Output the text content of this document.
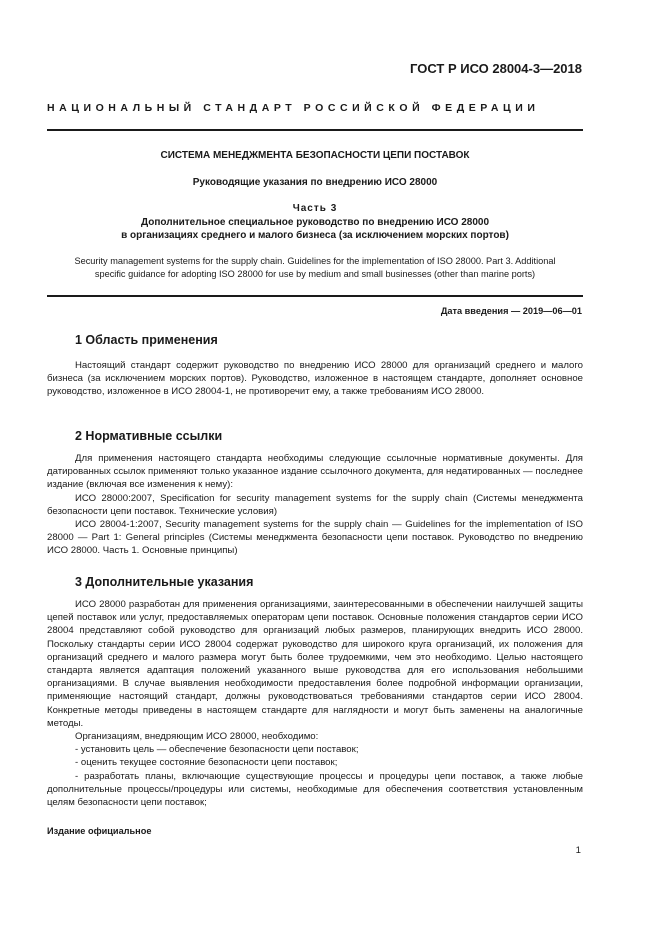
ГОСТ Р ИСО 28004-3—2018
НАЦИОНАЛЬНЫЙ СТАНДАРТ РОССИЙСКОЙ ФЕДЕРАЦИИ
СИСТЕМА МЕНЕДЖМЕНТА БЕЗОПАСНОСТИ ЦЕПИ ПОСТАВОК
Руководящие указания по внедрению ИСО 28000
Часть 3
Дополнительное специальное руководство по внедрению ИСО 28000
в организациях среднего и малого бизнеса (за исключением морских портов)
Security management systems for the supply chain. Guidelines for the implementation of ISO 28000. Part 3. Additional
specific guidance for adopting ISO 28000 for use by medium and small businesses (other than marine ports)
Дата введения — 2019—06—01
1 Область применения

Настоящий стандарт содержит руководство по внедрению ИСО 28000 для организаций среднего и малого бизнеса (за исключением морских портов). Руководство, изложенное в настоящем стандарте, дополняет основное руководство, изложенное в ИСО 28004-1, не противоречит ему, а также требованиям ИСО 28000.

2 Нормативные ссылки

Для применения настоящего стандарта необходимы следующие ссылочные нормативные документы. Для датированных ссылок применяют только указанное издание ссылочного документа, для недатированных — последнее издание (включая все изменения к нему):

ИСО 28000:2007, Specification for security management systems for the supply chain (Системы менеджмента безопасности цепи поставок. Технические условия)

ИСО 28004-1:2007, Security management systems for the supply chain — Guidelines for the implementation of ISO 28000 — Part 1: General principles (Системы менеджмента безопасности цепи поставок. Руководство по внедрению ИСО 28000. Часть 1. Основные принципы)

3 Дополнительные указания

ИСО 28000 разработан для применения организациями, заинтересованными в обеспечении наилучшей защиты цепей поставок или услуг, предоставляемых операторам цепи поставок. Основные положения стандартов серии ИСО 28004 представляют собой руководство для организаций любых размеров, планирующих внедрить ИСО 28000. Поскольку стандарты серии ИСО 28004 содержат руководство для широкого круга организаций, их положения для организаций среднего и малого размера могут быть более трудоемкими, чем это необходимо. Целью настоящего стандарта является адаптация положений указанного выше руководства для его использования небольшими организациями. В случае выявления необходимости предоставления более подробной информации организации, применяющие настоящий стандарт, должны руководствоваться требованиями стандартов серии ИСО 28004. Конкретные методы приведены в настоящем стандарте для наглядности и могут быть заменены на аналогичные методы.

Организациям, внедряющим ИСО 28000, необходимо:

- установить цель — обеспечение безопасности цепи поставок;

- оценить текущее состояние безопасности цепи поставок;

- разработать планы, включающие существующие процессы и процедуры цепи поставок, а также любые дополнительные процессы/процедуры или системы, необходимые для обеспечения соответствия установленным целям безопасности цепи поставок;

Издание официальное
1
